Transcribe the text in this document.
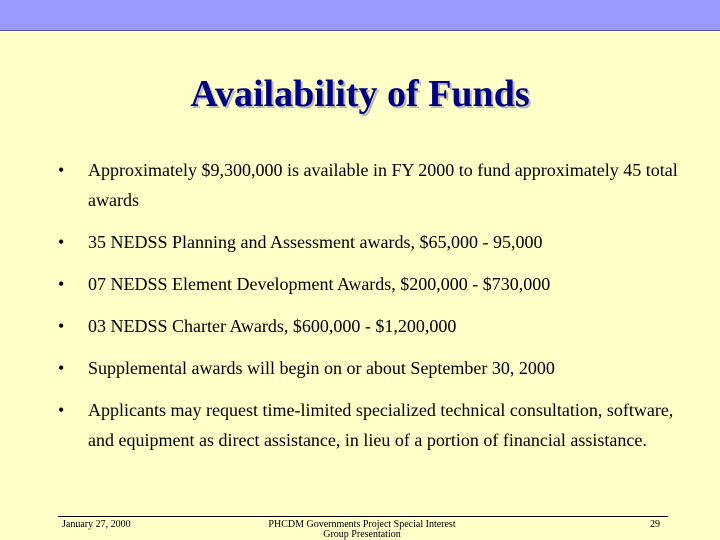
Availability of Funds
• Approximately $9,300,000 is available in FY 2000 to fund approximately 45 total awards
• 35 NEDSS Planning and Assessment awards, $65,000 - 95,000
• 07 NEDSS Element Development Awards, $200,000 - $730,000
• 03 NEDSS Charter Awards, $600,000 - $1,200,000
• Supplemental awards will begin on or about September 30, 2000
• Applicants may request time-limited specialized technical consultation, software, and equipment as direct assistance, in lieu of a portion of financial assistance.
January 27, 2000	PHCDM Governments Project Special Interest Group Presentation
29
